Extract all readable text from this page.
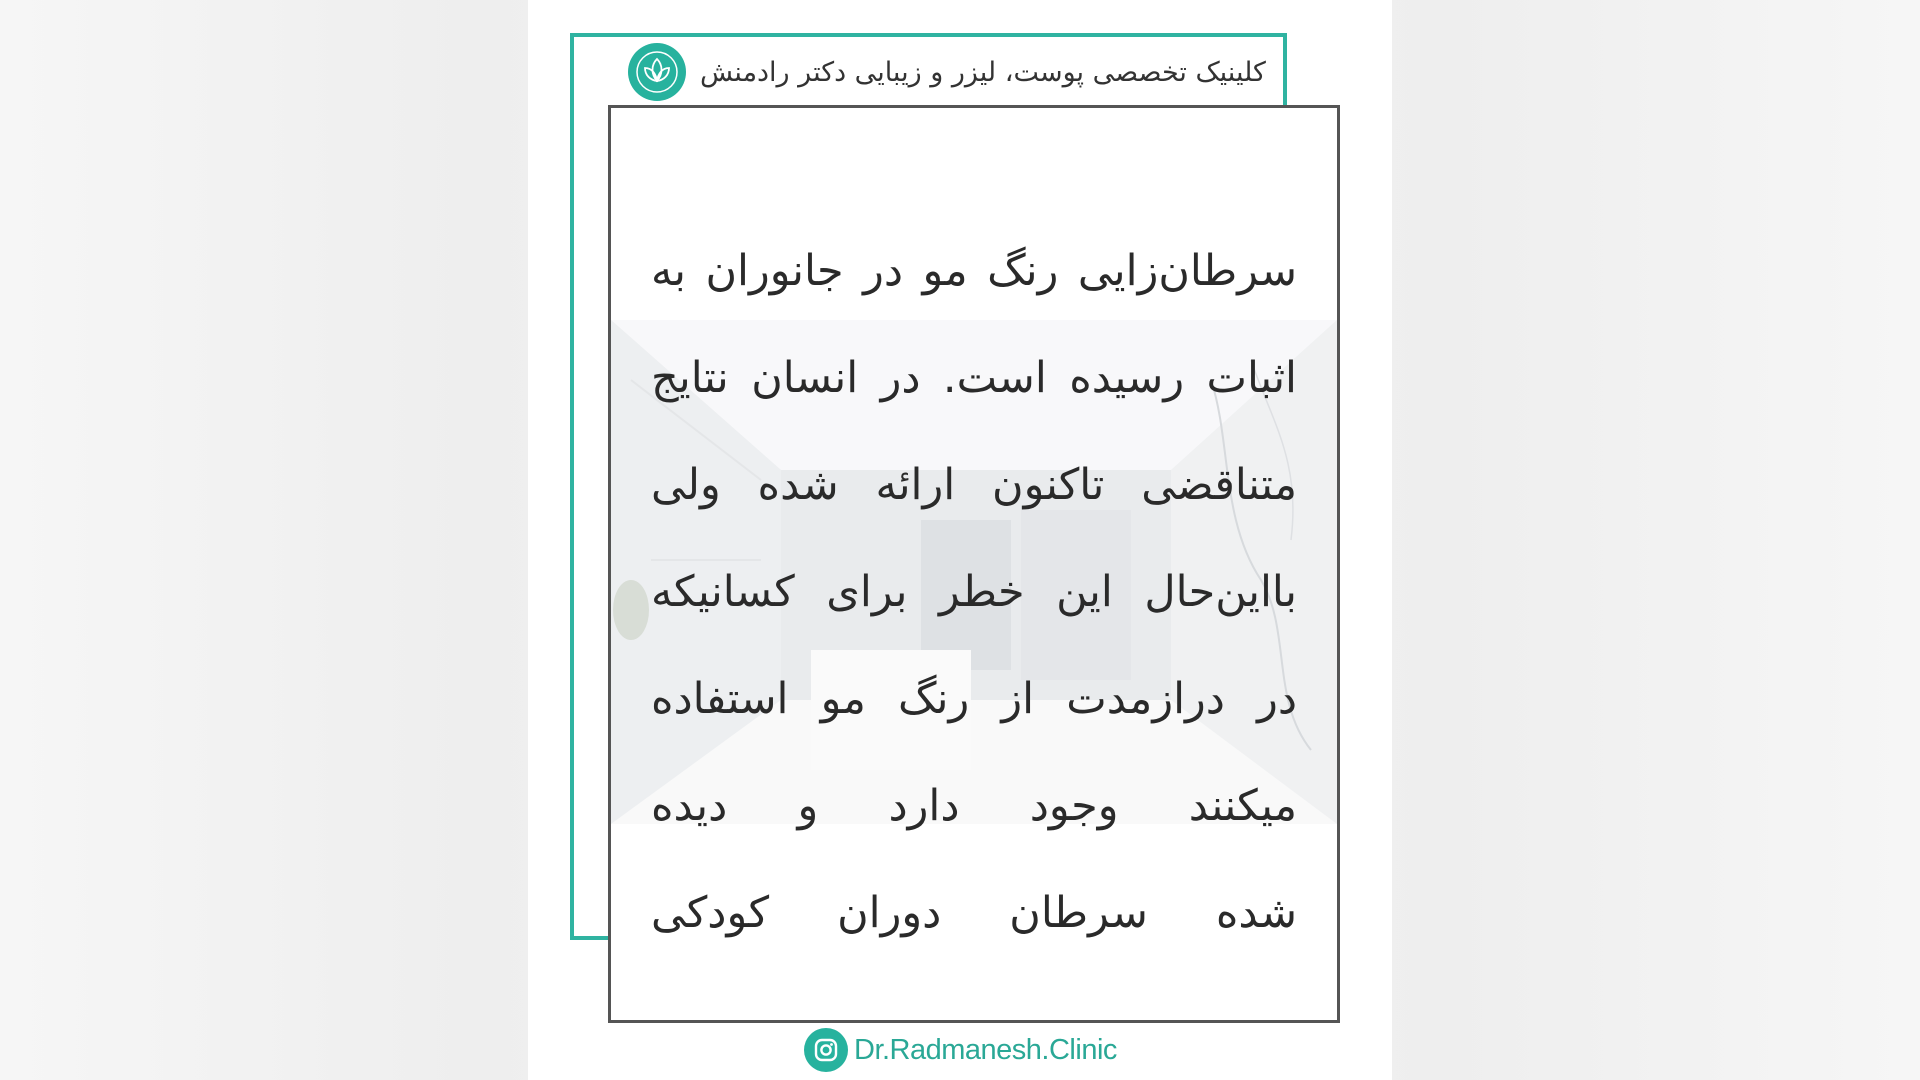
کلینیک تخصصی پوست، لیزر و زیبایی دکتر رادمنش
سرطان‌زایی رنگ مو در جانوران به
اثبات رسیده است. در انسان نتایج
متناقضی تاکنون ارائه شده ولی
بااین‌حال این خطر برای کسانیکه
در درازمدت از رنگ مو استفاده
میکنند وجود دارد و دیده
شده سرطان دوران کودکی
Dr.Radmanesh.Clinic
